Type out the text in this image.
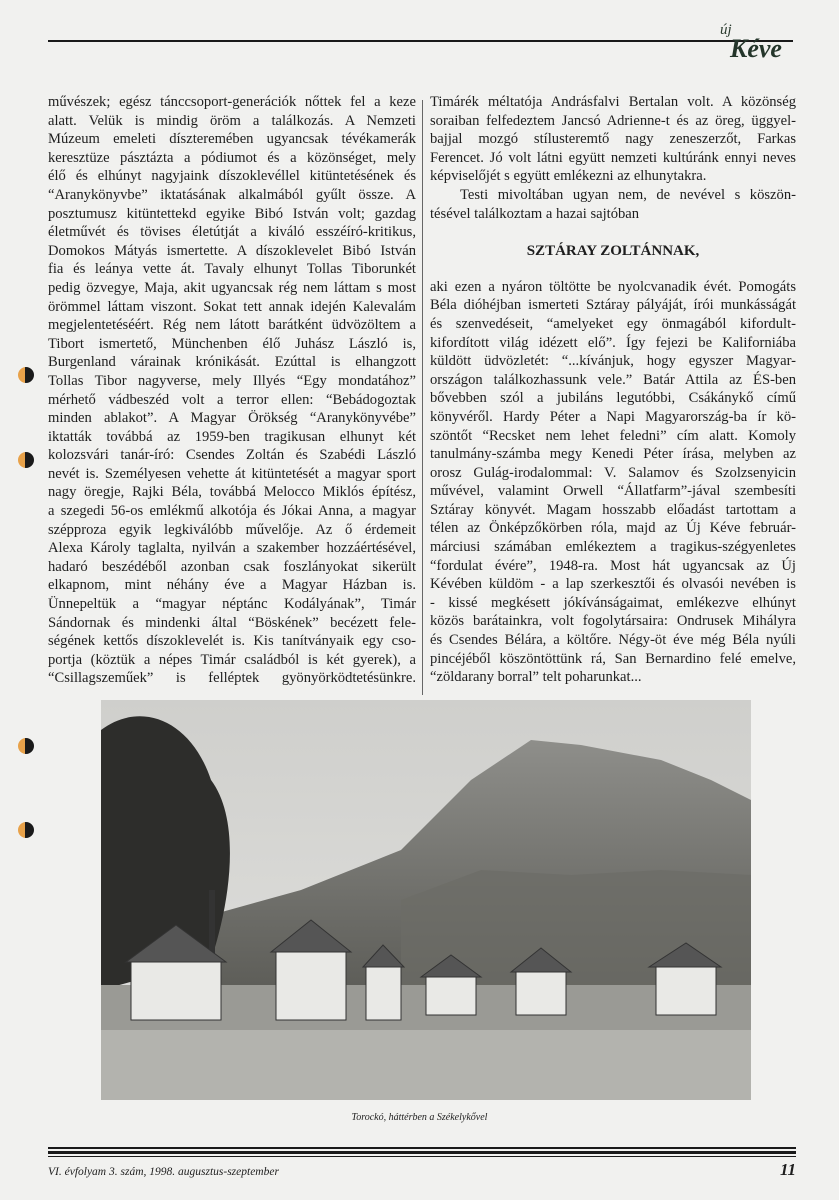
új
Kéve
művészek; egész tánccsoport-generációk nőttek fel a keze
alatt. Velük is mindig öröm a találkozás. A Nemzeti
Múzeum emeleti díszteremében ugyancsak tévékamerák
keresztüze pásztázta a pódiumot és a közönséget, mely
élő és elhúnyt nagyjaink díszoklevéllel kitüntetésének és
“Aranykönyvbe” iktatásának alkalmából gyűlt össze. A
posztumusz kitüntettekd egyike Bibó István volt; gazdag
életművét és tövises életútját a kiváló esszéíró-kritikus,
Domokos Mátyás ismertette. A díszoklevelet Bibó István
fia és leánya vette át. Tavaly elhunyt Tollas Tiborunkét
pedig özvegye, Maja, akit ugyancsak rég nem láttam s most
örömmel láttam viszont. Sokat tett annak idején Kalevalám
megjelentetéséért. Rég nem látott barátként üdvözöltem a
Tibort ismertető, Münchenben élő Juhász László is,
Burgenland várainak krónikását. Ezúttal is elhangzott
Tollas Tibor nagyverse, mely Illyés “Egy mondatához”
mérhető vádbeszéd volt a terror ellen: “Bebádogoztak
minden ablakot”. A Magyar Örökség “Aranykönyvébe”
iktatták továbbá az 1959-ben tragikusan elhunyt két
kolozsvári tanár-író: Csendes Zoltán és Szabédi László
nevét is. Személyesen vehette át kitüntetését a magyar sport
nagy öregje, Rajki Béla, továbbá Melocco Miklós építész,
a szegedi 56-os emlékmű alkotója és Jókai Anna, a magyar
szépproza egyik legkiválóbb művelője. Az ő érdemeit
Alexa Károly taglalta, nyilván a szakember hozzáértésével,
hadaró beszédéből azonban csak foszlányokat sikerült
elkapnom, mint néhány éve a Magyar Házban is.
Ünnepeltük a “magyar néptánc Kodályának”, Timár
Sándornak és mindenki által “Böskének” becézett fele-
ségének kettős díszoklevelét is. Kis tanítványaik egy cso-
portja (köztük a népes Timár családból is két gyerek), a
“Csillagszeműek” is felléptek gyönyörködtetésünkre.
Timárék méltatója Andrásfalvi Bertalan volt. A közönség
soraiban felfedeztem Jancsó Adrienne-t és az öreg, üggyel-
bajjal mozgó stílusteremtő nagy zeneszerzőt, Farkas
Ferencet. Jó volt látni együtt nemzeti kultúránk ennyi neves
képviselőjét s együtt emlékezni az elhunytakra.
Testi mivoltában ugyan nem, de nevével s köszön-
tésével találkoztam a hazai sajtóban
SZTÁRAY ZOLTÁNNAK,
aki ezen a nyáron töltötte be nyolcvanadik évét. Pomogáts
Béla dióhéjban ismerteti Sztáray pályáját, írói munkásságát
és szenvedéseit, “amelyeket egy önmagából kifordult-
kifordított világ idézett elő”. Így fejezi be Kaliforniába
küldött üdvözletét: “...kívánjuk, hogy egyszer Magyar-
országon találkozhassunk vele.” Batár Attila az ÉS-ben
bővebben szól a jubiláns legutóbbi, Csákánykő című
könyvéről. Hardy Péter a Napi Magyarország-ba ír kö-
szöntőt “Recsket nem lehet feledni” cím alatt. Komoly
tanulmány-számba megy Kenedi Péter írása, melyben az
orosz Gulág-irodalommal: V. Salamov és Szolzsenyicin
művével, valamint Orwell “Állatfarm”-jával szembesíti
Sztáray könyvét. Magam hosszabb előadást tartottam a
télen az Önképzőkörben róla, majd az Új Kéve február-
márciusi számában emlékeztem a tragikus-szégyenletes
“fordulat évére”, 1948-ra. Most hát ugyancsak az Új
Kévében küldöm - a lap szerkesztői és olvasói nevében is
- kissé megkésett jókívánságaimat, emlékezve elhúnyt
közös barátainkra, volt fogolytársaira: Ondrusek Mihályra
és Csendes Bélára, a költőre. Négy-öt éve még Béla nyúli
pincéjéből köszöntöttünk rá, San Bernardino felé emelve,
“zöldarany borral” telt poharunkat...
Torockó, háttérben a Székelykővel
VI. évfolyam 3. szám, 1998. augusztus-szeptember	11
